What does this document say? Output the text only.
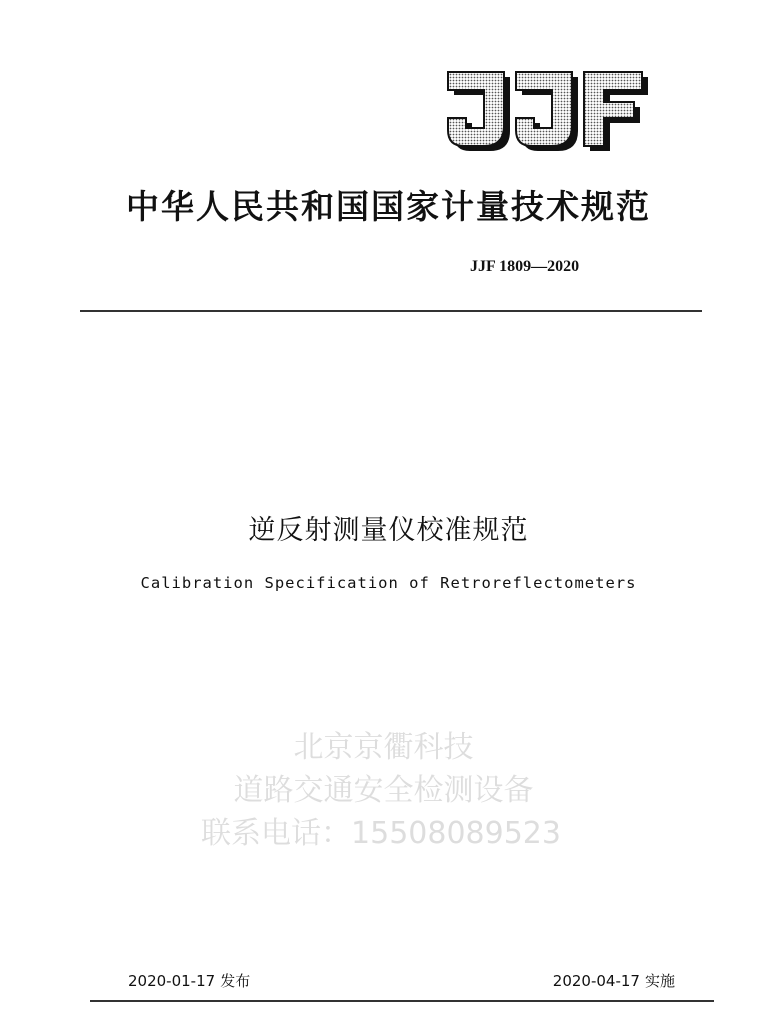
中华人民共和国国家计量技术规范
JJF 1809—2020
逆反射测量仪校准规范
Calibration Specification of Retroreflectometers
北京京衢科技
道路交通安全检测设备
联系电话：15508089523
2020-01-17 发布	2020-04-17 实施
